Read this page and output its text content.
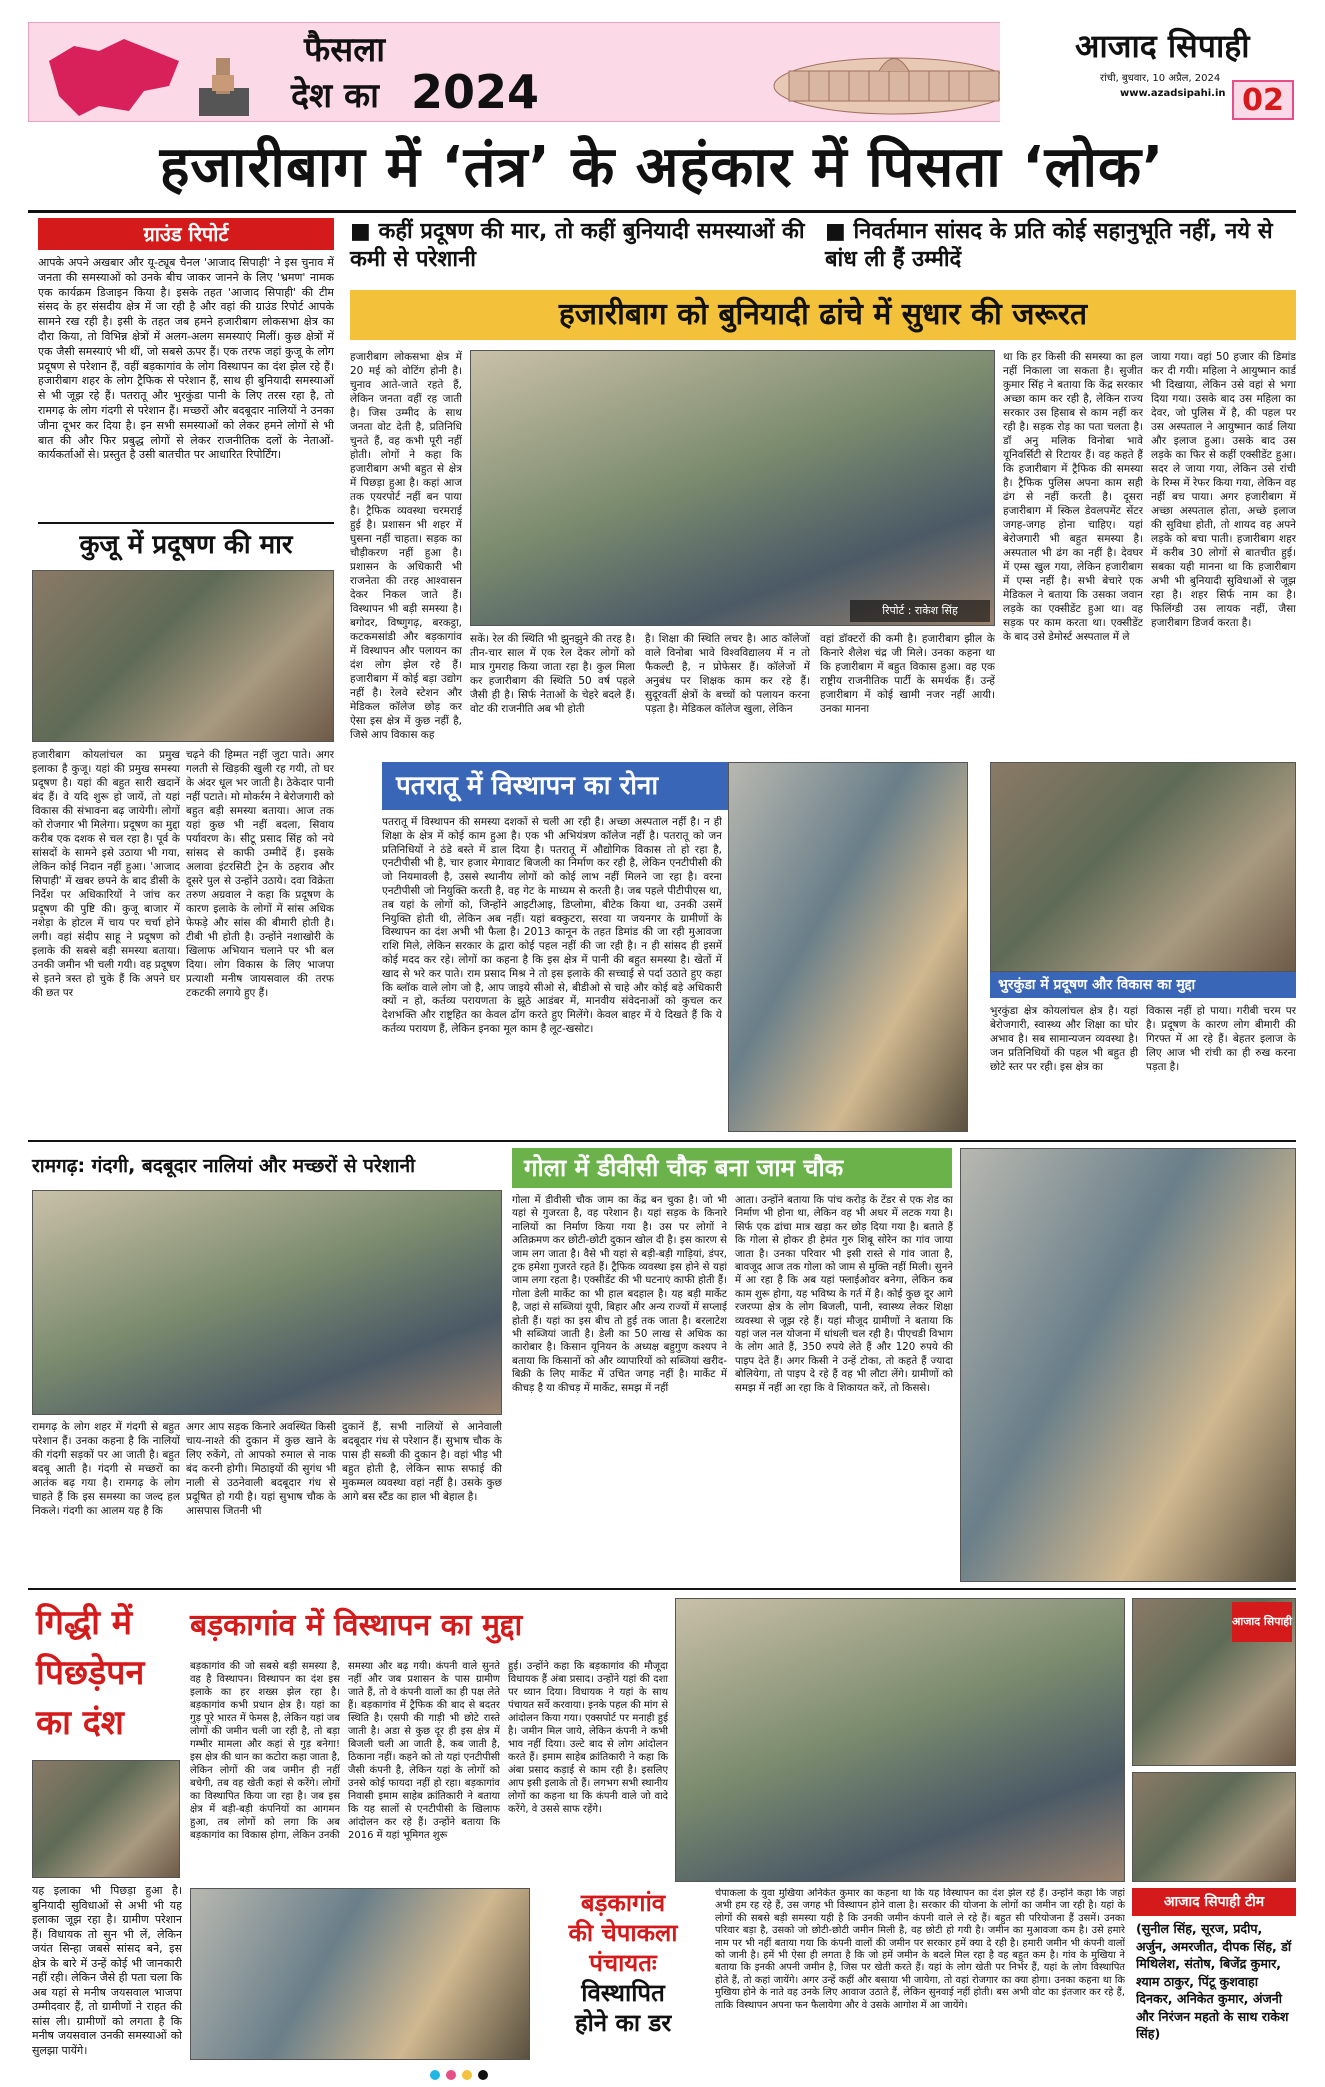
फैसला
देश का 2024
आजाद सिपाही
रांची, बुधवार, 10 अप्रैल, 2024
www.azadsipahi.in 02
हजारीबाग में ‘तंत्र’ के अहंकार में पिसता ‘लोक’
ग्राउंड रिपोर्ट
आपके अपने अखबार और यू-ट्यूब चैनल 'आजाद सिपाही' ने इस चुनाव में जनता की समस्याओं को उनके बीच जाकर जानने के लिए 'भ्रमण' नामक एक कार्यक्रम डिजाइन किया है। इसके तहत 'आजाद सिपाही' की टीम संसद के हर संसदीय क्षेत्र में जा रही है और वहां की ग्राउंड रिपोर्ट आपके सामने रख रही है। इसी के तहत जब हमने हजारीबाग लोकसभा क्षेत्र का दौरा किया, तो विभिन्न क्षेत्रों में अलग-अलग समस्याएं मिलीं। कुछ क्षेत्रों में एक जैसी समस्याएं भी थीं, जो सबसे ऊपर हैं। एक तरफ जहां कुजू के लोग प्रदूषण से परेशान हैं, वहीं बड़कागांव के लोग विस्थापन का दंश झेल रहे हैं। हजारीबाग शहर के लोग ट्रैफिक से परेशान हैं, साथ ही बुनियादी समस्याओं से भी जूझ रहे हैं। पतरातू और भुरकुंडा पानी के लिए तरस रहा है, तो रामगढ़ के लोग गंदगी से परेशान हैं। मच्छरों और बदबूदार नालियों ने उनका जीना दूभर कर दिया है। इन सभी समस्याओं को लेकर हमने लोगों से भी बात की और फिर प्रबुद्ध लोगों से लेकर राजनीतिक दलों के नेताओं-कार्यकर्ताओं से। प्रस्तुत है उसी बातचीत पर आधारित रिपोर्टिंग।
कुजू में प्रदूषण की मार
हजारीबाग कोयलांचल का प्रमुख इलाका है कुजू। यहां की प्रमुख समस्या प्रदूषण है। यहां की बहुत सारी खदानें बंद हैं। वे यदि शुरू हो जायें, तो यहां विकास की संभावना बढ़ जायेगी। लोगों को रोजगार भी मिलेगा। प्रदूषण का मुद्दा करीब एक दशक से चल रहा है। पूर्व के सांसदों के सामने इसे उठाया भी गया, लेकिन कोई निदान नहीं हुआ। 'आजाद सिपाही' में खबर छपने के बाद डीसी के निर्देश पर अधिकारियों ने जांच कर प्रदूषण की पुष्टि की। कुजू बाजार में नशेड़ा के होटल में चाय पर चर्चा होने लगी। वहां संदीप साहू ने प्रदूषण को इलाके की सबसे बड़ी समस्या बताया। उनकी जमीन भी चली गयी। वह प्रदूषण से इतने त्रस्त हो चुके हैं कि अपने घर की छत पर
चढ़ने की हिम्मत नहीं जुटा पाते। अगर गलती से खिड़की खुली रह गयी, तो घर के अंदर धूल भर जाती है। ठेकेदार पानी नहीं पटाते। मो मोकर्रम ने बेरोजगारी को बहुत बड़ी समस्या बताया। आज तक यहां कुछ भी नहीं बदला, सिवाय पर्यावरण के। सीटू प्रसाद सिंह को नये सांसद से काफी उम्मीदें हैं। इसके अलावा इंटरसिटी ट्रेन के ठहराव और दूसरे पुल से उन्होंने उठाये। दवा विक्रेता तरुण अग्रवाल ने कहा कि प्रदूषण के कारण इलाके के लोगों में सांस अधिक फेफड़े और सांस की बीमारी होती है। टीबी भी होती है। उन्होंने नशाखोरी के खिलाफ अभियान चलाने पर भी बल दिया। लोग विकास के लिए भाजपा प्रत्याशी मनीष जायसवाल की तरफ टकटकी लगाये हुए हैं।
■ कहीं प्रदूषण की मार, तो कहीं बुनियादी समस्याओं की कमी से परेशानी
■ निवर्तमान सांसद के प्रति कोई सहानुभूति नहीं, नये से बांध ली हैं उम्मीदें
हजारीबाग को बुनियादी ढांचे में सुधार की जरूरत
हजारीबाग लोकसभा क्षेत्र में 20 मई को वोटिंग होनी है। चुनाव आते-जाते रहते हैं, लेकिन जनता वहीं रह जाती है। जिस उम्मीद के साथ जनता वोट देती है, प्रतिनिधि चुनते हैं, वह कभी पूरी नहीं होती। लोगों ने कहा कि हजारीबाग अभी बहुत से क्षेत्र में पिछड़ा हुआ है। कहां आज तक एयरपोर्ट नहीं बन पाया है। ट्रैफिक व्यवस्था चरमराई हुई है। प्रशासन भी शहर में घुसना नहीं चाहता। सड़क का चौड़ीकरण नहीं हुआ है। प्रशासन के अधिकारी भी राजनेता की तरह आश्वासन देकर निकल जाते हैं। विस्थापन भी बड़ी समस्या है। बगोदर, विष्णुगढ़, बरकट्ठा, कटकमसांडी और बड़कागांव में विस्थापन और पलायन का दंश लोग झेल रहे हैं। हजारीबाग में कोई बड़ा उद्योग नहीं है। रेलवे स्टेशन और मेडिकल कॉलेज छोड़ कर ऐसा इस क्षेत्र में कुछ नहीं है, जिसे आप विकास कह
रिपोर्ट : राकेश सिंह
सकें। रेल की स्थिति भी झुनझुने की तरह है। तीन-चार साल में एक रेल देकर लोगों को मात्र गुमराह किया जाता रहा है। कुल मिला कर हजारीबाग की स्थिति 50 वर्ष पहले जैसी ही है। सिर्फ नेताओं के चेहरे बदले हैं। वोट की राजनीति अब भी होती
है। शिक्षा की स्थिति लचर है। आठ कॉलेजों वाले विनोबा भावे विश्वविद्यालय में न तो फैकल्टी है, न प्रोफेसर हैं। कॉलेजों में अनुबंध पर शिक्षक काम कर रहे हैं। सुदूरवर्ती क्षेत्रों के बच्चों को पलायन करना पड़ता है। मेडिकल कॉलेज खुला, लेकिन
वहां डॉक्टरों की कमी है। हजारीबाग झील के किनारे शैलेश चंद्र जी मिले। उनका कहना था कि हजारीबाग में बहुत विकास हुआ। वह एक राष्ट्रीय राजनीतिक पार्टी के समर्थक हैं। उन्हें हजारीबाग में कोई खामी नजर नहीं आयी। उनका मानना
था कि हर किसी की समस्या का हल नहीं निकाला जा सकता है। सुजीत कुमार सिंह ने बताया कि केंद्र सरकार अच्छा काम कर रही है, लेकिन राज्य सरकार उस हिसाब से काम नहीं कर रही है। सड़क रोड़ का पता चलता है। डॉ अनु मलिक विनोबा भावे यूनिवर्सिटी से रिटायर हैं। वह कहते हैं कि हजारीबाग में ट्रैफिक की समस्या है। ट्रैफिक पुलिस अपना काम सही ढंग से नहीं करती है। दूसरा हजारीबाग में स्किल डेवलपमेंट सेंटर जगह-जगह होना चाहिए। यहां बेरोजगारी भी बहुत समस्या है। अस्पताल भी ढंग का नहीं है। देवघर में एम्स खुल गया, लेकिन हजारीबाग में एम्स नहीं है। सभी बेचारे एक मेडिकल ने बताया कि उसका जवान लड़के का एक्सीडेंट हुआ था। वह सड़क पर काम करता था। एक्सीडेंट के बाद उसे डेमोर्स्ट अस्पताल में ले
जाया गया। वहां 50 हजार की डिमांड कर दी गयी। महिला ने आयुष्मान कार्ड भी दिखाया, लेकिन उसे वहां से भगा दिया गया। उसके बाद उस महिला का देवर, जो पुलिस में है, की पहल पर उस अस्पताल ने आयुष्मान कार्ड लिया और इलाज हुआ। उसके बाद उस लड़के का फिर से कहीं एक्सीडेंट हुआ। सदर ले जाया गया, लेकिन उसे रांची के रिम्स में रेफर किया गया, लेकिन वह नहीं बच पाया। अगर हजारीबाग में अच्छा अस्पताल होता, अच्छे इलाज की सुविधा होती, तो शायद वह अपने लड़के को बचा पाती। हजारीबाग शहर में करीब 30 लोगों से बातचीत हुई। सबका यही मानना था कि हजारीबाग अभी भी बुनियादी सुविधाओं से जूझ रहा है। शहर सिर्फ नाम का है। फिलिंग्डी उस लायक नहीं, जैसा हजारीबाग डिजर्व करता है।
पतरातू में विस्थापन का रोना
पतरातू में विस्थापन की समस्या दशकों से चली आ रही है। अच्छा अस्पताल नहीं है। न ही शिक्षा के क्षेत्र में कोई काम हुआ है। एक भी अभियंत्रण कॉलेज नहीं है। पतरातू को जन प्रतिनिधियों ने ठंडे बस्ते में डाल दिया है। पतरातू में औद्योगिक विकास तो हो रहा है, एनटीपीसी भी है, चार हजार मेगावाट बिजली का निर्माण कर रही है, लेकिन एनटीपीसी की जो नियमावली है, उससे स्थानीय लोगों को कोई लाभ नहीं मिलने जा रहा है। वरना एनटीपीसी जो नियुक्ति करती है, वह गेट के माध्यम से करती है। जब पहले पीटीपीएस था, तब यहां के लोगों को, जिन्होंने आइटीआइ, डिप्लोमा, बीटेक किया था, उनकी उसमें नियुक्ति होती थी, लेकिन अब नहीं। यहां बक्कुटरा, सरवा या जयनगर के ग्रामीणों के विस्थापन का दंश अभी भी फैला है। 2013 कानून के तहत डिमांड की जा रही मुआवजा राशि मिले, लेकिन सरकार के द्वारा कोई पहल नहीं की जा रही है। न ही सांसद ही इसमें कोई मदद कर रहे। लोगों का कहना है कि इस क्षेत्र में पानी की बहुत समस्या है। खेतों में खाद से भरे कर पाते। राम प्रसाद मिश्र ने तो इस इलाके की सच्चाई से पर्दा उठाते हुए कहा कि ब्लॉक वाले लोग जो है, आप जाइये सीओ से, बीडीओ से चाहे और कोई बड़े अधिकारी क्यों न हो, कर्तव्य परायणता के झूठे आडंबर में, मानवीय संवेदनाओं को कुचल कर देशभक्ति और राष्ट्रहित का केवल ढोंग करते हुए मिलेंगे। केवल बाहर में ये दिखते हैं कि ये कर्तव्य परायण हैं, लेकिन इनका मूल काम है लूट-खसोट।
भुरकुंडा में प्रदूषण और विकास का मुद्दा
भुरकुंडा क्षेत्र कोयलांचल क्षेत्र है। यहां बेरोजगारी, स्वास्थ्य और शिक्षा का घोर अभाव है। सब सामान्यजन व्यवस्था है। जन प्रतिनिधियों की पहल भी बहुत ही छोटे स्तर पर रही। इस क्षेत्र का
विकास नहीं हो पाया। गरीबी चरम पर है। प्रदूषण के कारण लोग बीमारी की गिरफ्त में आ रहे हैं। बेहतर इलाज के लिए आज भी रांची का ही रुख करना पड़ता है।
रामगढ़: गंदगी, बदबूदार नालियां और मच्छरों से परेशानी
रामगढ़ के लोग शहर में गंदगी से बहुत परेशान हैं। उनका कहना है कि नालियों की गंदगी सड़कों पर आ जाती है। बहुत बदबू आती है। गंदगी से मच्छरों का आतंक बढ़ गया है। रामगढ़ के लोग चाहते हैं कि इस समस्या का जल्द हल निकले। गंदगी का आलम यह है कि
अगर आप सड़क किनारे अवस्थित किसी चाय-नाश्ते की दुकान में कुछ खाने के लिए रुकेंगे, तो आपको रुमाल से नाक बंद करनी होगी। मिठाइयों की सुगंध भी नाली से उठनेवाली बदबूदार गंध से प्रदूषित हो गयी है। यहां सुभाष चौक के आसपास जितनी भी
दुकानें हैं, सभी नालियों से आनेवाली बदबूदार गंध से परेशान हैं। सुभाष चौक के पास ही सब्जी की दुकान है। वहां भीड़ भी बहुत होती है, लेकिन साफ सफाई की मुकम्मल व्यवस्था वहां नहीं है। उसके कुछ आगे बस स्टैंड का हाल भी बेहाल है।
गोला में डीवीसी चौक बना जाम चौक
गोला में डीवीसी चौक जाम का केंद्र बन चुका है। जो भी यहां से गुजरता है, वह परेशान है। यहां सड़क के किनारे नालियों का निर्माण किया गया है। उस पर लोगों ने अतिक्रमण कर छोटी-छोटी दुकान खोल दी है। इस कारण से जाम लग जाता है। वैसे भी यहां से बड़ी-बड़ी गाड़ियां, डंपर, ट्रक हमेशा गुजरते रहते हैं। ट्रैफिक व्यवस्था इस होने से यहां जाम लगा रहता है। एक्सीडेंट की भी घटनाएं काफी होती हैं। गोला डेली मार्केट का भी हाल बदहाल है। यह बड़ी मार्केट है, जहां से सब्जियां यूपी, बिहार और अन्य राज्यों में सप्लाई होती हैं। यहां का इस बीच तो हुई तक जाता है। बरलाटेश भी सब्जियां जाती है। डेली का 50 लाख से अधिक का कारोबार है। किसान यूनियन के अध्यक्ष बहुगुण कश्यप ने बताया कि किसानों को और व्यापारियों को सब्जियां खरीद-बिक्री के लिए मार्केट में उचित जगह नहीं है। मार्केट में कीचड़ है या कीचड़ में मार्केट, समझ में नहीं
आता। उन्होंने बताया कि पांच करोड़ के टेंडर से एक शेड का निर्माण भी होना था, लेकिन वह भी अधर में लटक गया है। सिर्फ एक ढांचा मात्र खड़ा कर छोड़ दिया गया है। बताते हैं कि गोला से होकर ही हेमंत गुरु शिबू सोरेन का गांव जाया जाता है। उनका परिवार भी इसी रास्ते से गांव जाता है, बावजूद आज तक गोला को जाम से मुक्ति नहीं मिली। सुनने में आ रहा है कि अब यहां फ्लाईओवर बनेगा, लेकिन कब काम शुरू होगा, यह भविष्य के गर्त में है। कोई कुछ दूर आगे रजरप्पा क्षेत्र के लोग बिजली, पानी, स्वास्थ्य लेकर शिक्षा व्यवस्था से जूझ रहे हैं। यहां मौजूद ग्रामीणों ने बताया कि यहां जल नल योजना में धांधली चल रही है। पीएचडी विभाग के लोग आते हैं, 350 रुपये लेते हैं और 120 रुपये की पाइप देते हैं। अगर किसी ने उन्हें टोका, तो कहते हैं ज्यादा बोलियेगा, तो पाइप दे रहे हैं वह भी लौटा लेंगे। ग्रामीणों को समझ में नहीं आ रहा कि वे शिकायत करें, तो किससे।
गिद्धी में पिछड़ेपन का दंश
यह इलाका भी पिछड़ा हुआ है। बुनियादी सुविधाओं से अभी भी यह इलाका जूझ रहा है। ग्रामीण परेशान हैं। विधायक तो सुन भी लें, लेकिन जयंत सिन्हा जबसे सांसद बने, इस क्षेत्र के बारे में उन्हें कोई भी जानकारी नहीं रही। लेकिन जैसे ही पता चला कि अब यहां से मनीष जयसवाल भाजपा उम्मीदवार हैं, तो ग्रामीणों ने राहत की सांस ली। ग्रामीणों को लगता है कि मनीष जयसवाल उनकी समस्याओं को सुलझा पायेंगे।
बड़कागांव में विस्थापन का मुद्दा
बड़कागांव की जो सबसे बड़ी समस्या है, वह है विस्थापन। विस्थापन का दंश इस इलाके का हर शख्स झेल रहा है। बड़कागांव कभी प्रधान क्षेत्र है। यहां का गुड़ पूरे भारत में फेमस है, लेकिन यहां जब लोगों की जमीन चली जा रही है, तो बड़ा गम्भीर मामला और कहां से गुड़ बनेगा! इस क्षेत्र की धान का कटोरा कहा जाता है, लेकिन लोगों की जब जमीन ही नहीं बचेगी, तब वह खेती कहां से करेंगे। लोगों का विस्थापित किया जा रहा है। जब इस क्षेत्र में बड़ी-बड़ी कंपनियों का आगमन हुआ, तब लोगों को लगा कि अब बड़कागांव का विकास होगा, लेकिन उनकी
समस्या और बढ़ गयी। कंपनी वाले सुनते नहीं और जब प्रशासन के पास ग्रामीण जाते हैं, तो वे कंपनी वालों का ही पक्ष लेते हैं। बड़कागांव में ट्रैफिक की बाद से बदतर स्थिति है। एसपी की गाड़ी भी छोटे रास्ते जाती है। अडा से कुछ दूर ही इस क्षेत्र में बिजली चली आ जाती है, कब जाती है, ठिकाना नहीं। कहने को तो यहां एनटीपीसी जैसी कंपनी है, लेकिन यहां के लोगों को उनसे कोई फायदा नहीं हो रहा। बड़कागांव निवासी इमाम साहेब क्रांतिकारी ने बताया कि यह सालों से एनटीपीसी के खिलाफ आंदोलन कर रहे हैं। उन्होंने बताया कि 2016 में यहां भूमिगत शुरू
हुई। उन्होंने कहा कि बड़कागांव की मौजूदा विधायक हैं अंबा प्रसाद। उन्होंने यहां की दशा पर ध्यान दिया। विधायक ने यहां के साथ पंचायत सर्वे करवाया। इनके पहल की मांग से आंदोलन किया गया। एक्सपोर्ट पर मनाही हुई है। जमीन मिल जाये, लेकिन कंपनी ने कभी भाव नहीं दिया। उल्टे बाद से लोग आंदोलन करते हैं। इमाम साहेब क्रांतिकारी ने कहा कि अंबा प्रसाद कड़ाई से काम रही है। इसलिए आप इसी इलाके तो हैं। लगभग सभी स्थानीय लोगों का कहना था कि कंपनी वाले जो वादे करेंगे, वे उससे साफ रहेंगे।
आजाद सिपाही
बड़कागांव
की चेपाकला
पंचायतः
विस्थापित
होने का डर
चेपाकला के युवा मुखिया अनिकेत कुमार का कहना था कि यह विस्थापन का दंश झेल रहे हैं। उन्होंने कहा कि जहां अभी हम रह रहे हैं, उस जगह भी विस्थापन होने वाला है। सरकार की योजना के लोगों का जमीन जा रही है। यहां के लोगों की सबसे बड़ी समस्या यही है कि उनकी जमीन कंपनी वाले ले रहे हैं। बहुत सी परियोजना हैं उसमें। उनका परिवार बड़ा है, उसको जो छोटी-छोटी जमीन मिली है, वह छोटी हो गयी है। जमीन का मुआवजा कम है। उसे हमारे नाम पर भी नहीं बताया गया कि कंपनी वालों की जमीन पर सरकार हमें क्या दे रही है। हमारी जमीन भी कंपनी वालों को जानी है। हमें भी ऐसा ही लगता है कि जो हमें जमीन के बदले मिल रहा है वह बहुत कम है। गांव के मुखिया ने बताया कि इनकी अपनी जमीन है, जिस पर खेती करते हैं। यहां के लोग खेती पर निर्भर हैं, यहां के लोग विस्थापित होते हैं, तो कहां जायेंगे। अगर उन्हें कहीं और बसाया भी जायेगा, तो वहां रोजगार का क्या होगा। उनका कहना था कि मुखिया होने के नाते वह उनके लिए आवाज उठाते हैं, लेकिन सुनवाई नहीं होती। बस अभी वोट का इंतजार कर रहे हैं, ताकि विस्थापन अपना फन फैलायेगा और वे उसके आगोश में आ जायेंगे।
आजाद सिपाही टीम
(सुनील सिंह, सूरज, प्रदीप, अर्जुन, अमरजीत, दीपक सिंह, डॉ मिथिलेश, संतोष, बिजेंद्र कुमार, श्याम ठाकुर, पिंटू कुशवाहा दिनकर, अनिकेत कुमार, अंजनी और निरंजन महतो के साथ राकेश सिंह)
